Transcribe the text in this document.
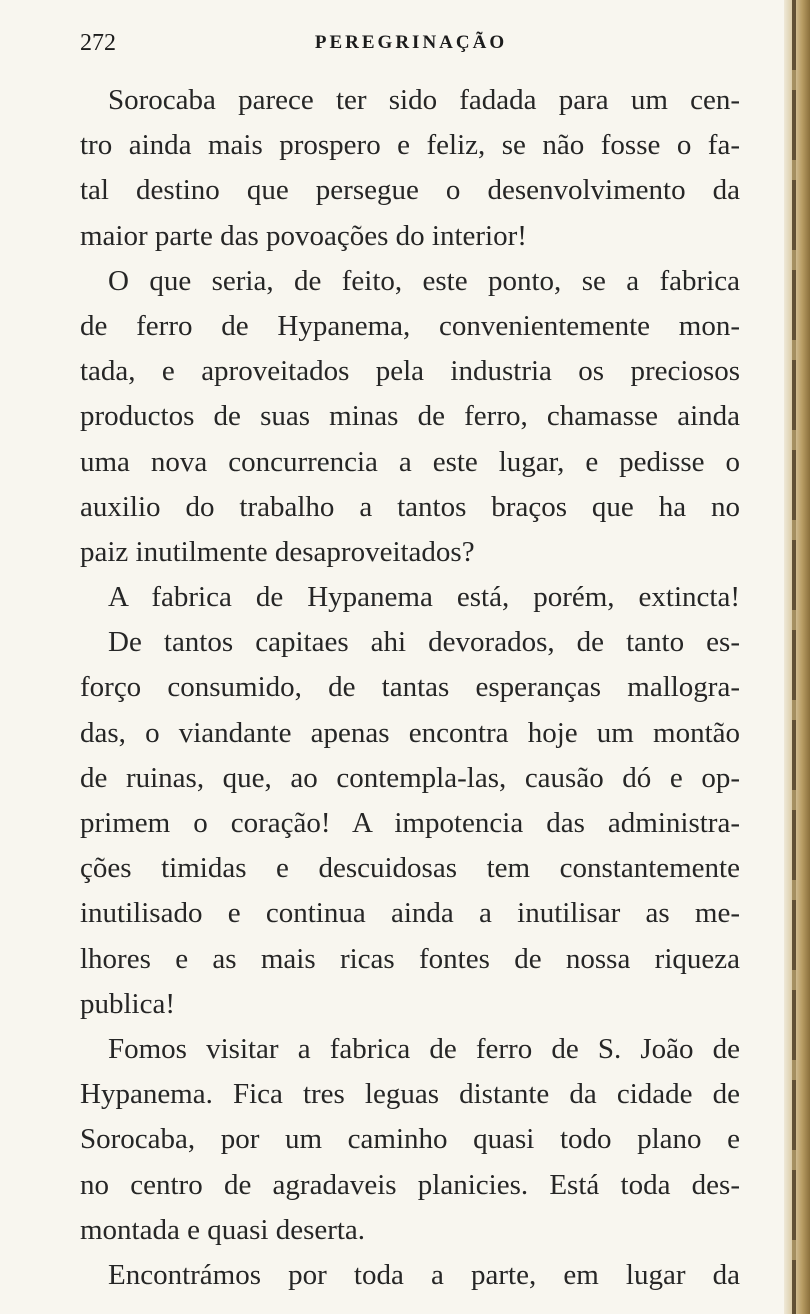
272	PEREGRINAÇÃO
Sorocaba parece ter sido fadada para um cen-
tro ainda mais prospero e feliz, se não fosse o fa-
tal destino que persegue o desenvolvimento da
maior parte das povoações do interior!
O que seria, de feito, este ponto, se a fabrica
de ferro de Hypanema, convenientemente mon-
tada, e aproveitados pela industria os preciosos
productos de suas minas de ferro, chamasse ainda
uma nova concurrencia a este lugar, e pedisse o
auxilio do trabalho a tantos braços que ha no
paiz inutilmente desaproveitados?
A fabrica de Hypanema está, porém, extincta!
De tantos capitaes ahi devorados, de tanto es-
forço consumido, de tantas esperanças mallogra-
das, o viandante apenas encontra hoje um montão
de ruinas, que, ao contempla-las, causão dó e op-
primem o coração! A impotencia das administra-
ções timidas e descuidosas tem constantemente
inutilisado e continua ainda a inutilisar as me-
lhores e as mais ricas fontes de nossa riqueza
publica!
Fomos visitar a fabrica de ferro de S. João de
Hypanema. Fica tres leguas distante da cidade de
Sorocaba, por um caminho quasi todo plano e
no centro de agradaveis planicies. Está toda des-
montada e quasi deserta.
Encontrámos por toda a parte, em lugar da
